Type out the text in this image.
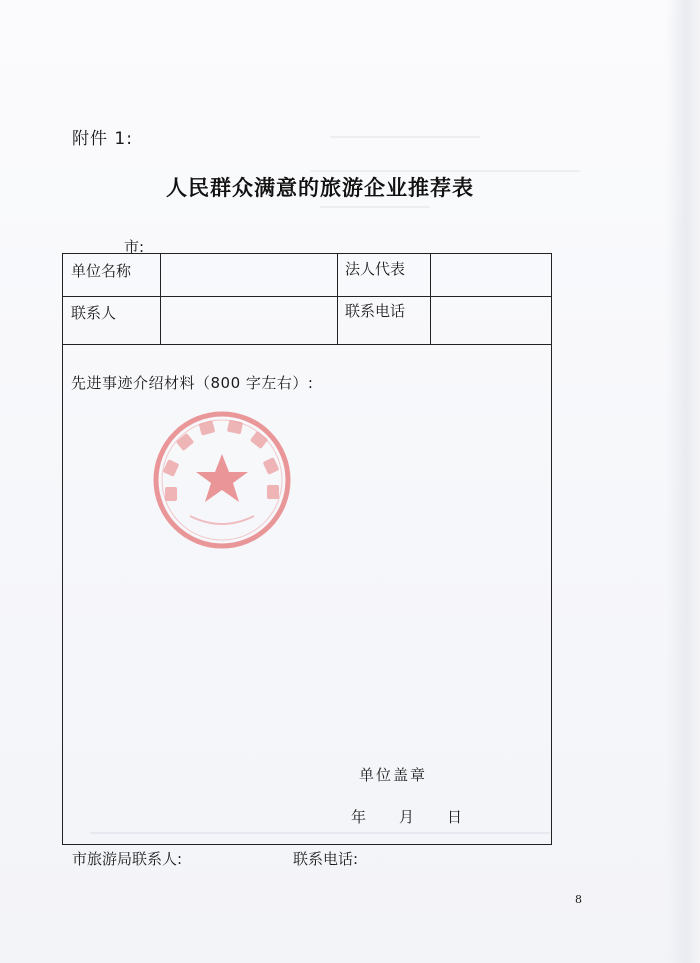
附件 1:
人民群众满意的旅游企业推荐表
市:
单位名称	法人代表
联系人	联系电话
先进事迹介绍材料（800 字左右）:
单位盖章
年 月 日
市旅游局联系人:	联系电话:
8
